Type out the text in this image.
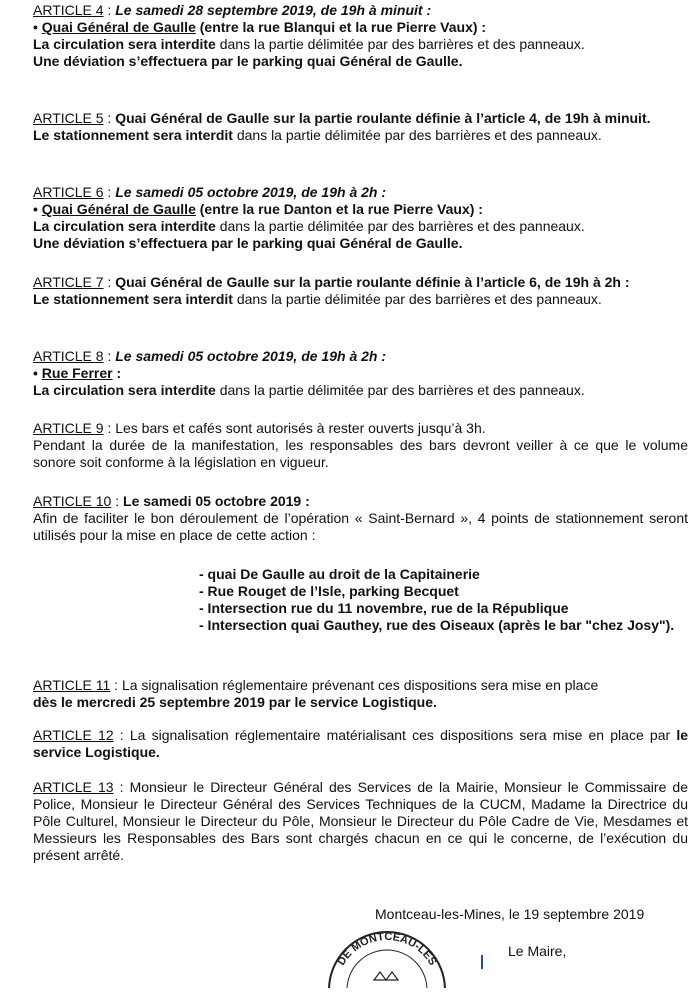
ARTICLE 4 : Le samedi 28 septembre 2019, de 19h à minuit :

• Quai Général de Gaulle (entre la rue Blanqui et la rue Pierre Vaux) :

La circulation sera interdite dans la partie délimitée par des barrières et des panneaux.

Une déviation s’effectuera par le parking quai Général de Gaulle.

ARTICLE 5 : Quai Général de Gaulle sur la partie roulante définie à l’article 4, de 19h à minuit.

Le stationnement sera interdit dans la partie délimitée par des barrières et des panneaux.

ARTICLE 6 : Le samedi 05 octobre 2019, de 19h à 2h :

• Quai Général de Gaulle (entre la rue Danton et la rue Pierre Vaux) :

La circulation sera interdite dans la partie délimitée par des barrières et des panneaux.

Une déviation s’effectuera par le parking quai Général de Gaulle.

ARTICLE 7 : Quai Général de Gaulle sur la partie roulante définie à l’article 6, de 19h à 2h :

Le stationnement sera interdit dans la partie délimitée par des barrières et des panneaux.

ARTICLE 8 : Le samedi 05 octobre 2019, de 19h à 2h :

• Rue Ferrer :

La circulation sera interdite dans la partie délimitée par des barrières et des panneaux.

ARTICLE 9 : Les bars et cafés sont autorisés à rester ouverts jusqu’à 3h.

Pendant la durée de la manifestation, les responsables des bars devront veiller à ce que le volume sonore soit conforme à la législation en vigueur.

ARTICLE 10 : Le samedi 05 octobre 2019 :

Afin de faciliter le bon déroulement de l’opération « Saint-Bernard », 4 points de stationnement seront utilisés pour la mise en place de cette action :

- quai De Gaulle au droit de la Capitainerie
- Rue Rouget de l’Isle, parking Becquet
- Intersection rue du 11 novembre, rue de la République
- Intersection quai Gauthey, rue des Oiseaux (après le bar "chez Josy").

ARTICLE 11 : La signalisation réglementaire prévenant ces dispositions sera mise en place

dès le mercredi 25 septembre 2019 par le service Logistique.

ARTICLE 12 : La signalisation réglementaire matérialisant ces dispositions sera mise en place par le service Logistique.

ARTICLE 13 : Monsieur le Directeur Général des Services de la Mairie, Monsieur le Commissaire de Police, Monsieur le Directeur Général des Services Techniques de la CUCM, Madame la Directrice du Pôle Culturel, Monsieur le Directeur du Pôle, Monsieur le Directeur du Pôle Cadre de Vie, Mesdames et Messieurs les Responsables des Bars sont chargés chacun en ce qui le concerne, de l’exécution du présent arrêté.

Montceau-les-Mines, le 19 septembre 2019
DE MONTCEAU-LES
Le Maire,
